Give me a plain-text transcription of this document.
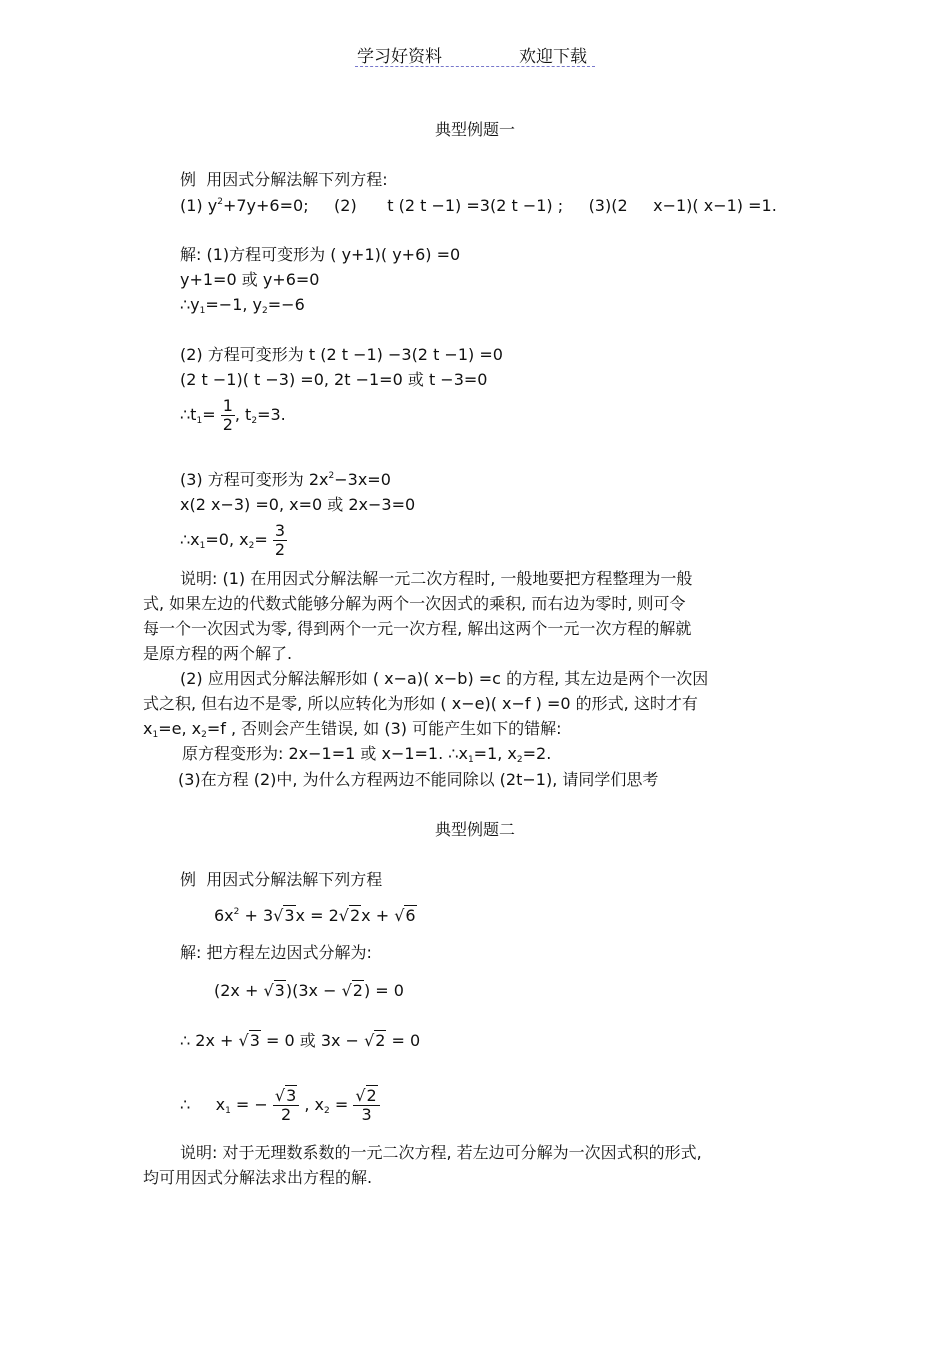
学习好资料	欢迎下载
典型例题一
例 用因式分解法解下列方程:
(1) $y^2+7y+6=0$; (2) t (2 t −1) =3(2 t −1) ; (3)(2 x−1)( x−1) =1.
解: (1)方程可变形为 ( y+1)( y+6) =0
y+1=0 或 y+6=0
$\therefore y_1=-1$, $y_2=-6$
(2) 方程可变形为 t (2 t −1) −3(2 t −1) =0
(2 t −1)( t −3) =0, 2t −1=0 或 t −3=0
$\therefore t_1= \frac{1}{2}$ , $t_2=3$.
(3) 方程可变形为 $2x^2-3x=0$
x(2 x−3) =0, x=0 或 2x−3=0
$\therefore x_1=0$, $x_2= \frac{3}{2}$
说明: (1) 在用因式分解法解一元二次方程时, 一般地要把方程整理为一般
式, 如果左边的代数式能够分解为两个一次因式的乘积, 而右边为零时, 则可令
每一个一次因式为零, 得到两个一元一次方程, 解出这两个一元一次方程的解就
是原方程的两个解了.
(2) 应用因式分解法解形如 ( x−a)( x−b) =c 的方程, 其左边是两个一次因
式之积, 但右边不是零, 所以应转化为形如 ( x−e)( x−f ) =0 的形式, 这时才有
$x_1=e$, $x_2=f$ , 否则会产生错误, 如 (3) 可能产生如下的错解:
原方程变形为: 2x−1=1 或 x−1=1. $\therefore x_1=1$, $x_2=2$.
(3)在方程 (2)中, 为什么方程两边不能同除以 (2t−1), 请同学们思考
典型例题二
例 用因式分解法解下列方程
$6x^2 + 3√3x = 2√2x + √6$
解: 把方程左边因式分解为:
(2x + √3)(3x − √2) = 0
∴ 2x + √3 = 0 或 3x − √2 = 0
∴ $x_1$ = − $\frac{√3}{2}$ , $x_2 = \frac{√2}{3}$
说明: 对于无理数系数的一元二次方程, 若左边可分解为一次因式积的形式,
均可用因式分解法求出方程的解.
